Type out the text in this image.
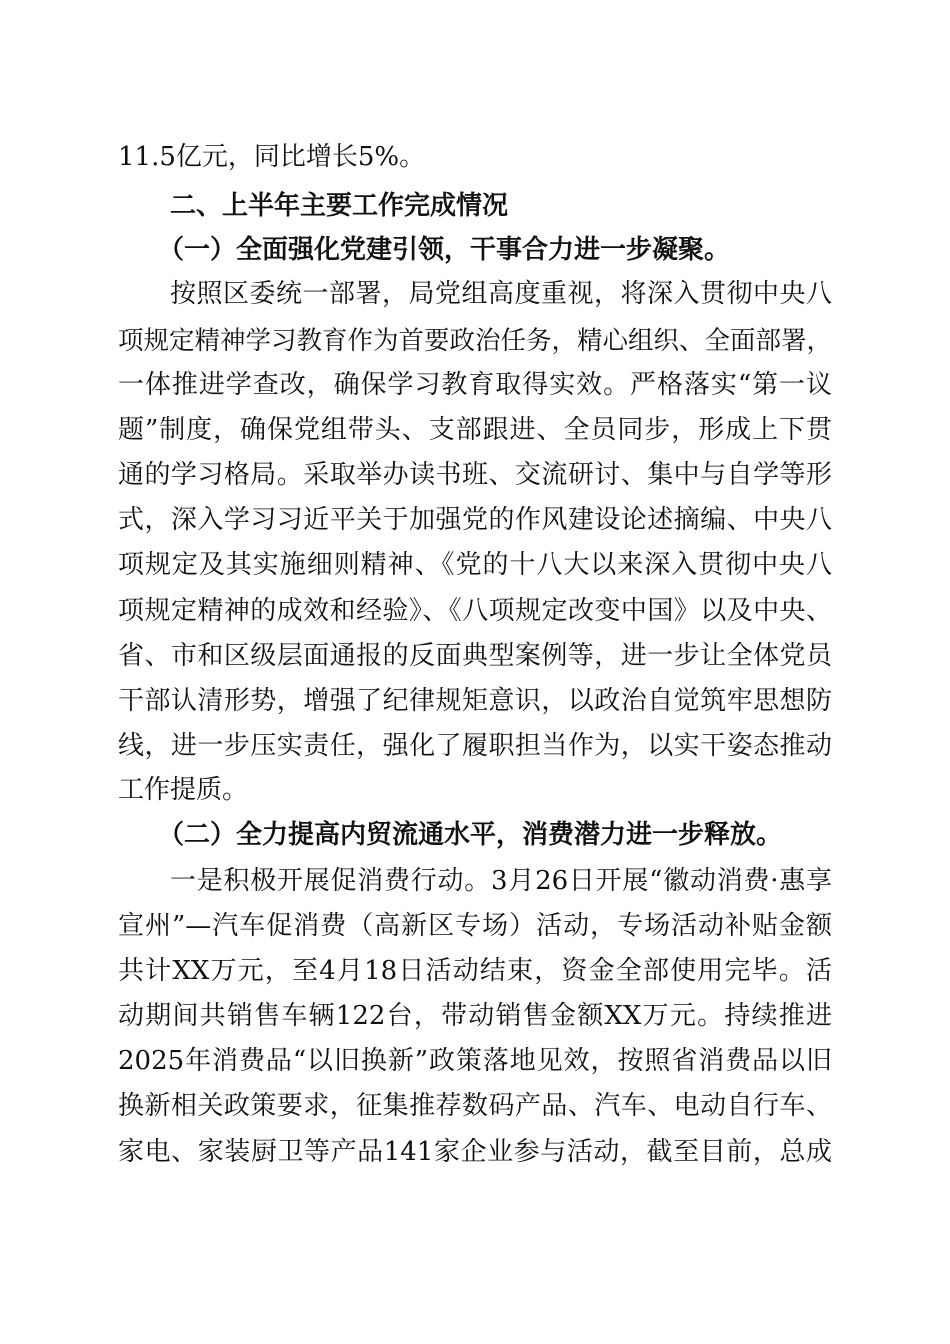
11.5亿元，同比增长5%。
二、上半年主要工作完成情况
（一）全面强化党建引领，干事合力进一步凝聚。
按照区委统一部署，局党组高度重视，将深入贯彻中央八
项规定精神学习教育作为首要政治任务，精心组织、全面部署，
一体推进学查改，确保学习教育取得实效。严格落实“第一议
题”制度，确保党组带头、支部跟进、全员同步，形成上下贯
通的学习格局。采取举办读书班、交流研讨、集中与自学等形
式，深入学习习近平关于加强党的作风建设论述摘编、中央八
项规定及其实施细则精神、《党的十八大以来深入贯彻中央八
项规定精神的成效和经验》、《八项规定改变中国》以及中央、
省、市和区级层面通报的反面典型案例等，进一步让全体党员
干部认清形势，增强了纪律规矩意识，以政治自觉筑牢思想防
线，进一步压实责任，强化了履职担当作为，以实干姿态推动
工作提质。
（二）全力提高内贸流通水平，消费潜力进一步释放。
一是积极开展促消费行动。3月26日开展“徽动消费·惠享
宣州”—汽车促消费（高新区专场）活动，专场活动补贴金额
共计XX万元，至4月18日活动结束，资金全部使用完毕。活
动期间共销售车辆122台，带动销售金额XX万元。持续推进
2025年消费品“以旧换新”政策落地见效，按照省消费品以旧
换新相关政策要求，征集推荐数码产品、汽车、电动自行车、
家电、家装厨卫等产品141家企业参与活动，截至目前，总成
